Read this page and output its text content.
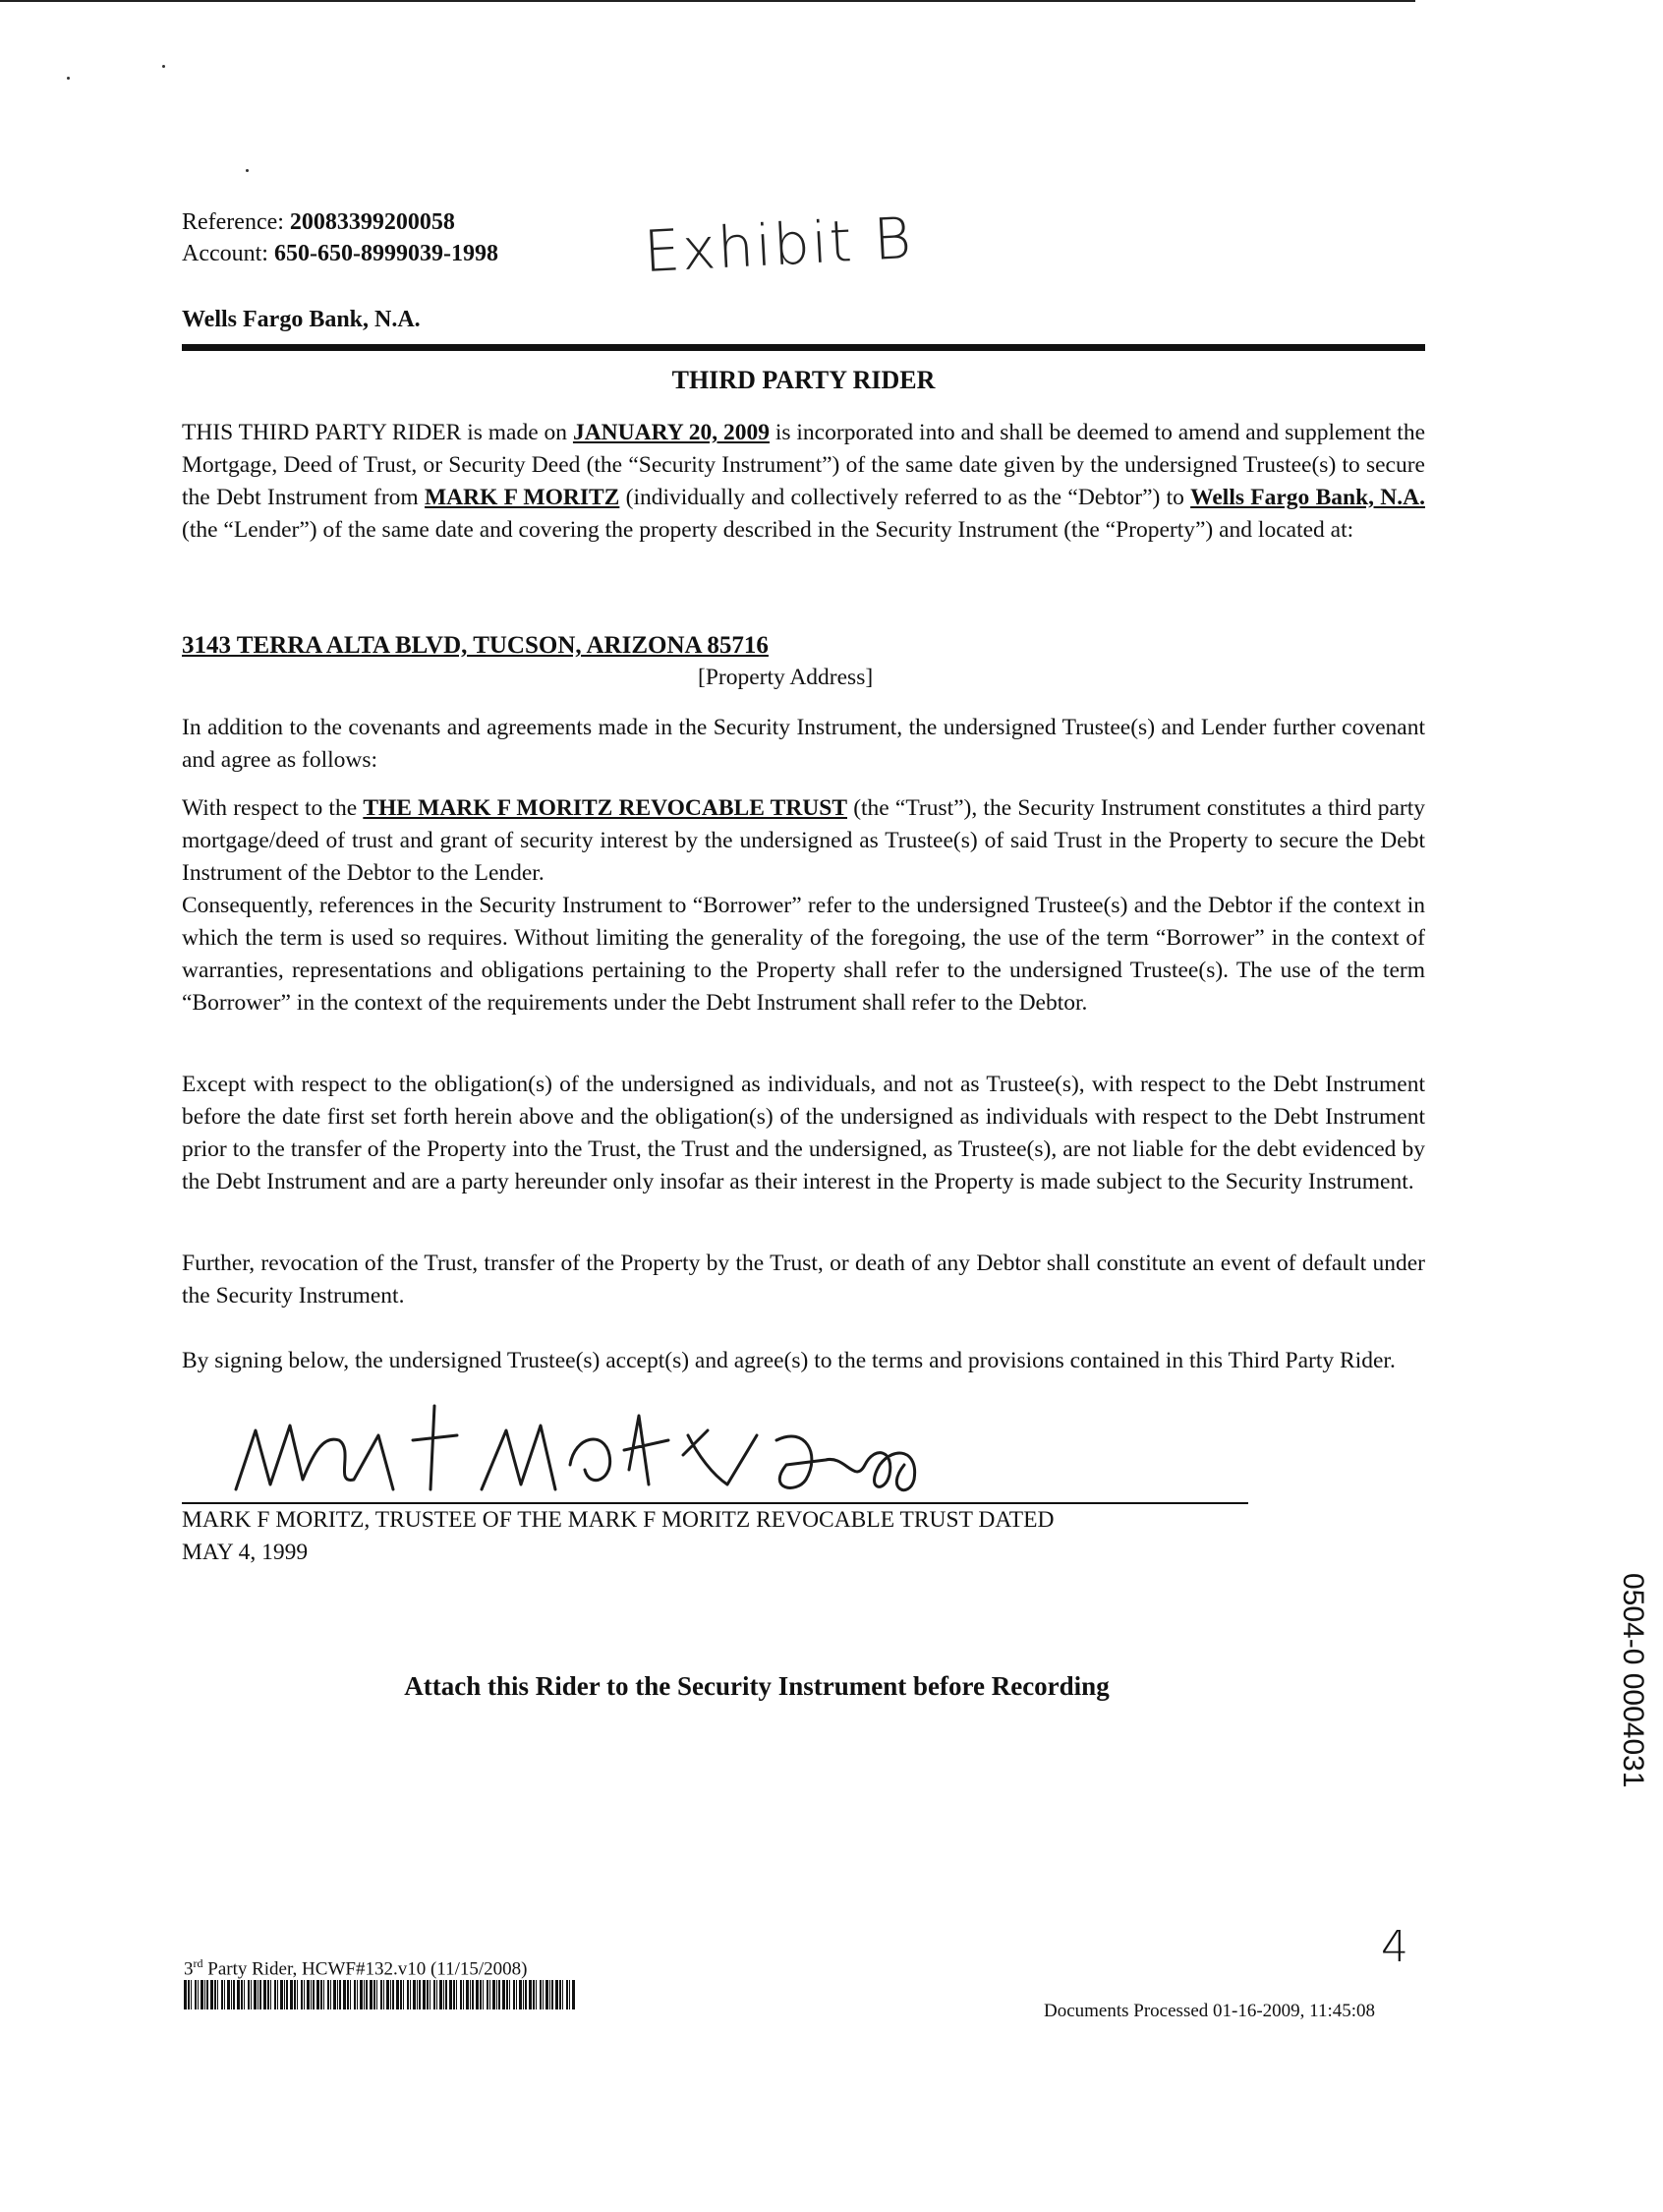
Reference: 20083399200058
Account: 650-650-8999039-1998	Exhibit B
Wells Fargo Bank, N.A.
THIRD PARTY RIDER
THIS THIRD PARTY RIDER is made on JANUARY 20, 2009 is incorporated into and shall be deemed to amend and supplement the Mortgage, Deed of Trust, or Security Deed (the “Security Instrument”) of the same date given by the undersigned Trustee(s) to secure the Debt Instrument from MARK F MORITZ (individually and collectively referred to as the “Debtor”) to Wells Fargo Bank, N.A. (the “Lender”) of the same date and covering the property described in the Security Instrument (the “Property”) and located at:
3143 TERRA ALTA BLVD, TUCSON, ARIZONA 85716
[Property Address]
In addition to the covenants and agreements made in the Security Instrument, the undersigned Trustee(s) and Lender further covenant and agree as follows:
With respect to the THE MARK F MORITZ REVOCABLE TRUST (the “Trust”), the Security Instrument constitutes a third party mortgage/deed of trust and grant of security interest by the undersigned as Trustee(s) of said Trust in the Property to secure the Debt Instrument of the Debtor to the Lender.
Consequently, references in the Security Instrument to “Borrower” refer to the undersigned Trustee(s) and the Debtor if the context in which the term is used so requires. Without limiting the generality of the foregoing, the use of the term “Borrower” in the context of warranties, representations and obligations pertaining to the Property shall refer to the undersigned Trustee(s). The use of the term “Borrower” in the context of the requirements under the Debt Instrument shall refer to the Debtor.
Except with respect to the obligation(s) of the undersigned as individuals, and not as Trustee(s), with respect to the Debt Instrument before the date first set forth herein above and the obligation(s) of the undersigned as individuals with respect to the Debt Instrument prior to the transfer of the Property into the Trust, the Trust and the undersigned, as Trustee(s), are not liable for the debt evidenced by the Debt Instrument and are a party hereunder only insofar as their interest in the Property is made subject to the Security Instrument.
Further, revocation of the Trust, transfer of the Property by the Trust, or death of any Debtor shall constitute an event of default under the Security Instrument.
By signing below, the undersigned Trustee(s) accept(s) and agree(s) to the terms and provisions contained in this Third Party Rider.
MARK F MORITZ, TRUSTEE OF THE MARK F MORITZ REVOCABLE TRUST DATED
MAY 4, 1999
Attach this Rider to the Security Instrument before Recording	0504-0 0004031
4
3rd Party Rider, HCWF#132.v10 (11/15/2008)
Documents Processed 01-16-2009, 11:45:08
